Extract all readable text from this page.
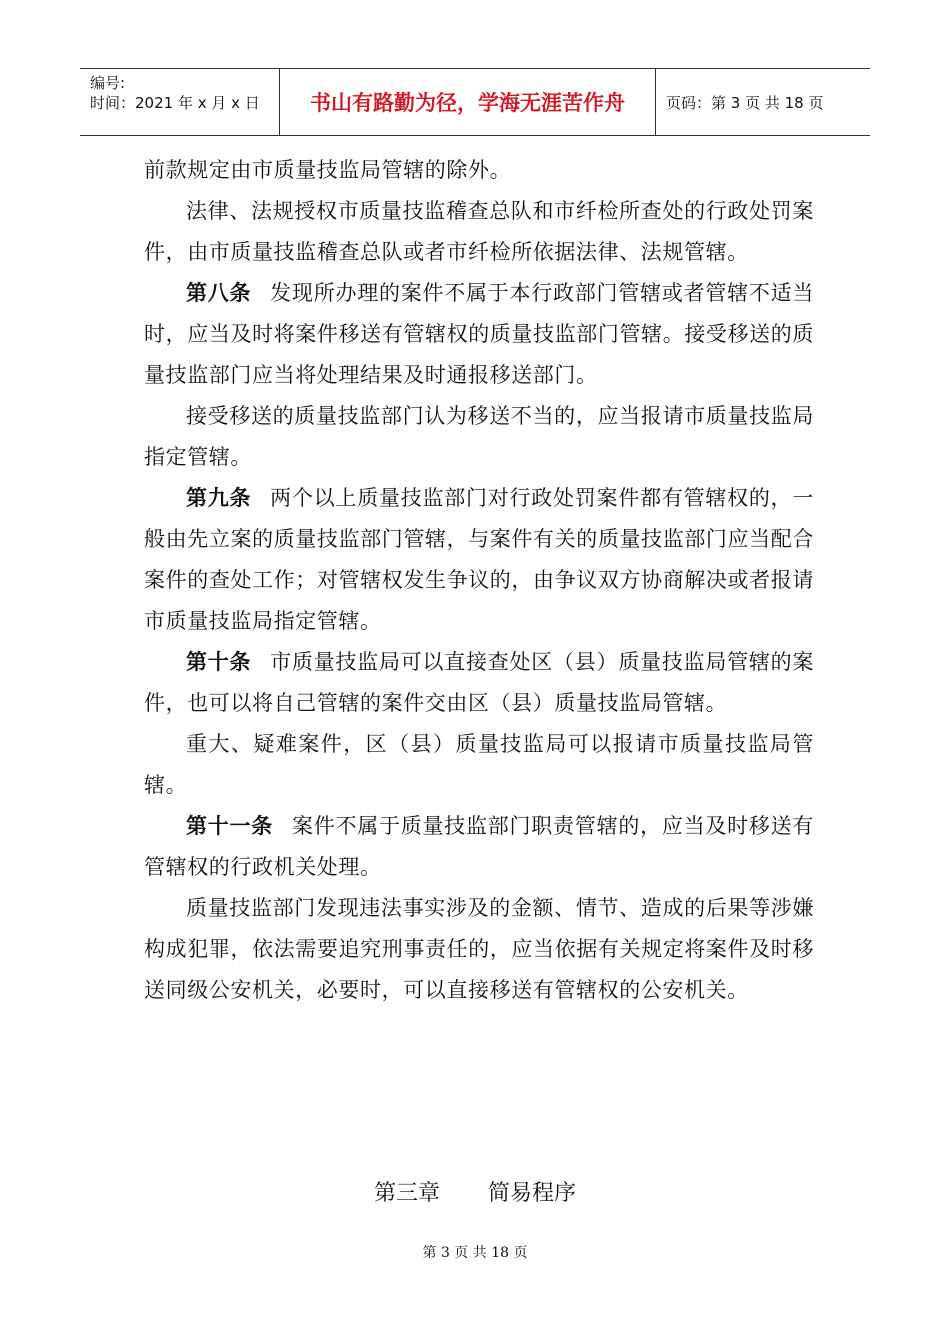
编号:
时间：2021 年 x 月 x 日	书山有路勤为径，学海无涯苦作舟	页码：第 3 页 共 18 页

前款规定由市质量技监局管辖的除外。

法律、法规授权市质量技监稽查总队和市纤检所查处的行政处罚案件，由市质量技监稽查总队或者市纤检所依据法律、法规管辖。

第八条 发现所办理的案件不属于本行政部门管辖或者管辖不适当时，应当及时将案件移送有管辖权的质量技监部门管辖。接受移送的质量技监部门应当将处理结果及时通报移送部门。

接受移送的质量技监部门认为移送不当的，应当报请市质量技监局指定管辖。

第九条 两个以上质量技监部门对行政处罚案件都有管辖权的，一般由先立案的质量技监部门管辖，与案件有关的质量技监部门应当配合案件的查处工作；对管辖权发生争议的，由争议双方协商解决或者报请市质量技监局指定管辖。

第十条 市质量技监局可以直接查处区（县）质量技监局管辖的案件，也可以将自己管辖的案件交由区（县）质量技监局管辖。

重大、疑难案件，区（县）质量技监局可以报请市质量技监局管辖。

第十一条 案件不属于质量技监部门职责管辖的，应当及时移送有管辖权的行政机关处理。

质量技监部门发现违法事实涉及的金额、情节、造成的后果等涉嫌构成犯罪，依法需要追究刑事责任的，应当依据有关规定将案件及时移送同级公安机关，必要时，可以直接移送有管辖权的公安机关。

第三章 简易程序
第 3 页 共 18 页
